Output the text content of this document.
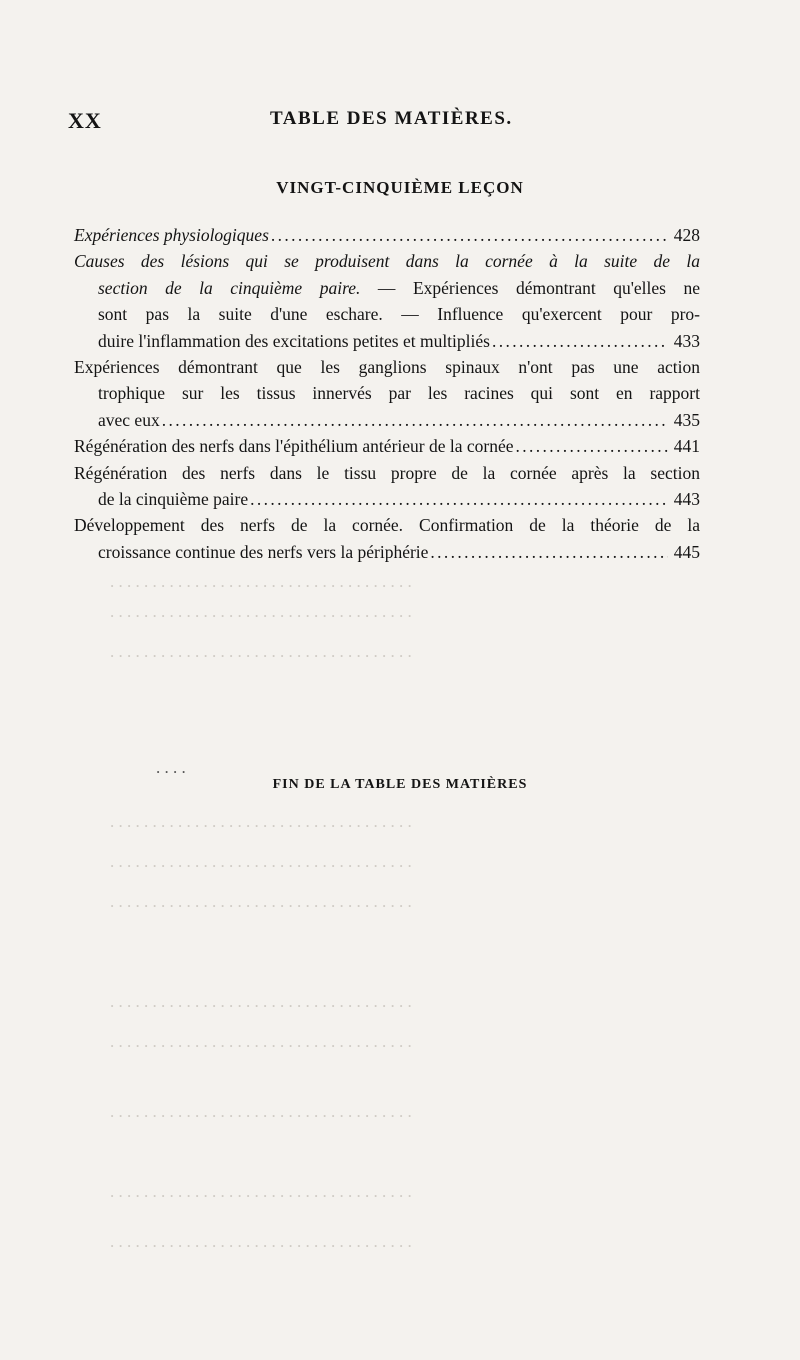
. . . . . . . . . . . . . . . . . . . . . . . . . . . . . . . . . . . .
. . . . . . . . . . . . . . . . . . . . . . . . . . . . . . . . . . . .
. . . . . . . . . . . . . . . . . . . . . . . . . . . . . . . . . . . .
. . . . . . . . . . . . . . . . . . . . . . . . . . . . . . . . . . . .
. . . . . . . . . . . . . . . . . . . . . . . . . . . . . . . . . . . .
. . . . . . . . . . . . . . . . . . . . . . . . . . . . . . . . . . . .
. . . . . . . . . . . . . . . . . . . . . . . . . . . . . . . . . . . .
. . . . . . . . . . . . . . . . . . . . . . . . . . . . . . . . . . . .
. . . . . . . . . . . . . . . . . . . . . . . . . . . . . . . . . . . .
. . . . . . . . . . . . . . . . . . . . . . . . . . . . . . . . . . . .
. . . . . . . . . . . . . . . . . . . . . . . . . . . . . . . . . . . .
XX	TABLE DES MATIÈRES.
VINGT-CINQUIÈME LEÇON
Expériences physiologiques . . .	428
Causes des lésions qui se produisent dans la cornée à la suite de la
section de la cinquième paire. — Expériences démontrant qu'elles ne
sont pas la suite d'une eschare. — Influence qu'exercent pour pro-
duire l'inflammation des excitations petites et multipliés . . .	433
Expériences démontrant que les ganglions spinaux n'ont pas une action
trophique sur les tissus innervés par les racines qui sont en rapport
avec eux . . .	435
Régénération des nerfs dans l'épithélium antérieur de la cornée . . .	441
Régénération des nerfs dans le tissu propre de la cornée après la section
de la cinquième paire . . .	443
Développement des nerfs de la cornée. Confirmation de la théorie de la
croissance continue des nerfs vers la périphérie . . .	445
. . . .
FIN DE LA TABLE DES MATIÈRES
